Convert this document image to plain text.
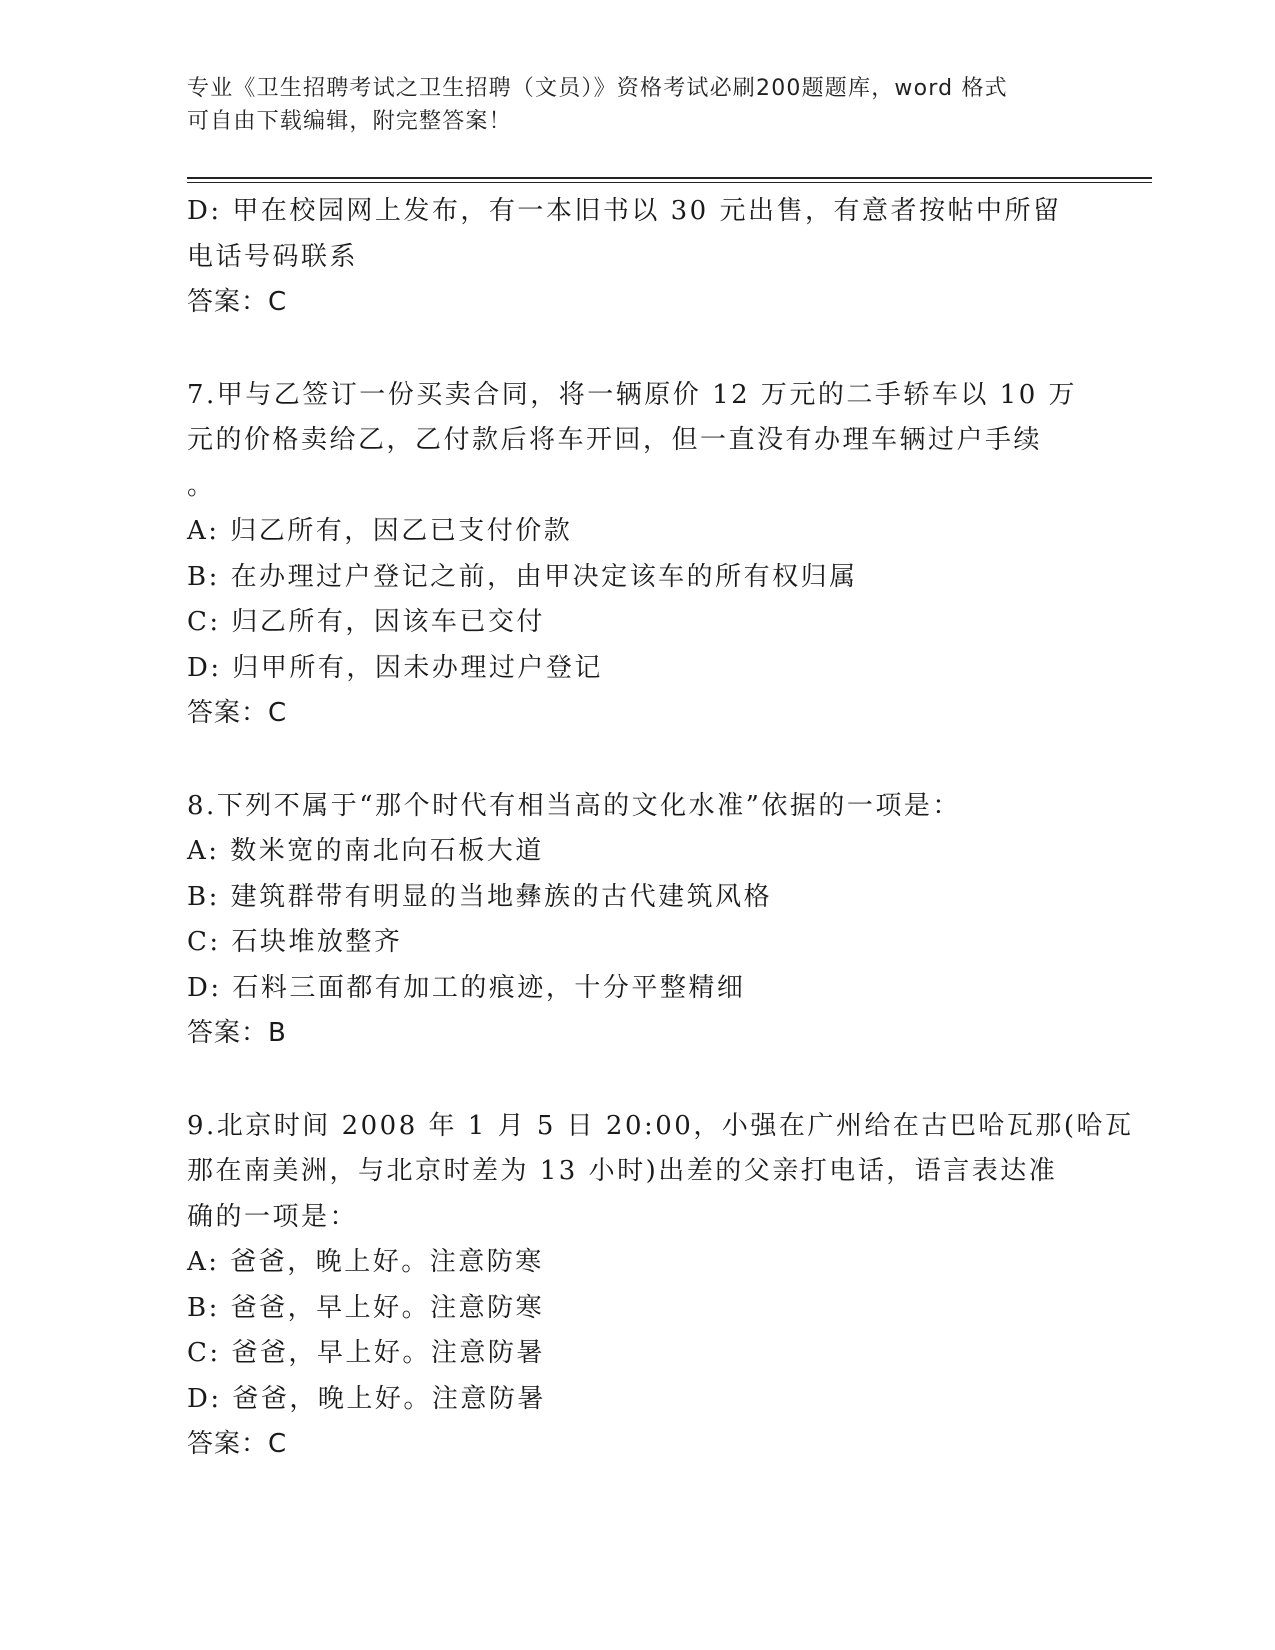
专业《卫生招聘考试之卫生招聘（文员）》资格考试必刷200题题库，word 格式
可自由下载编辑，附完整答案！
D: 甲在校园网上发布，有一本旧书以 30 元出售，有意者按帖中所留
电话号码联系
答案：C
7.甲与乙签订一份买卖合同，将一辆原价 12 万元的二手轿车以 10 万
元的价格卖给乙，乙付款后将车开回，但一直没有办理车辆过户手续
。
A: 归乙所有，因乙已支付价款
B: 在办理过户登记之前，由甲决定该车的所有权归属
C: 归乙所有，因该车已交付
D: 归甲所有，因未办理过户登记
答案：C
8.下列不属于“那个时代有相当高的文化水准”依据的一项是：
A: 数米宽的南北向石板大道
B: 建筑群带有明显的当地彝族的古代建筑风格
C: 石块堆放整齐
D: 石料三面都有加工的痕迹，十分平整精细
答案：B
9.北京时间 2008 年 1 月 5 日 20:00，小强在广州给在古巴哈瓦那(哈瓦
那在南美洲，与北京时差为 13 小时)出差的父亲打电话，语言表达准
确的一项是：
A: 爸爸，晚上好。注意防寒
B: 爸爸，早上好。注意防寒
C: 爸爸，早上好。注意防暑
D: 爸爸，晚上好。注意防暑
答案：C
